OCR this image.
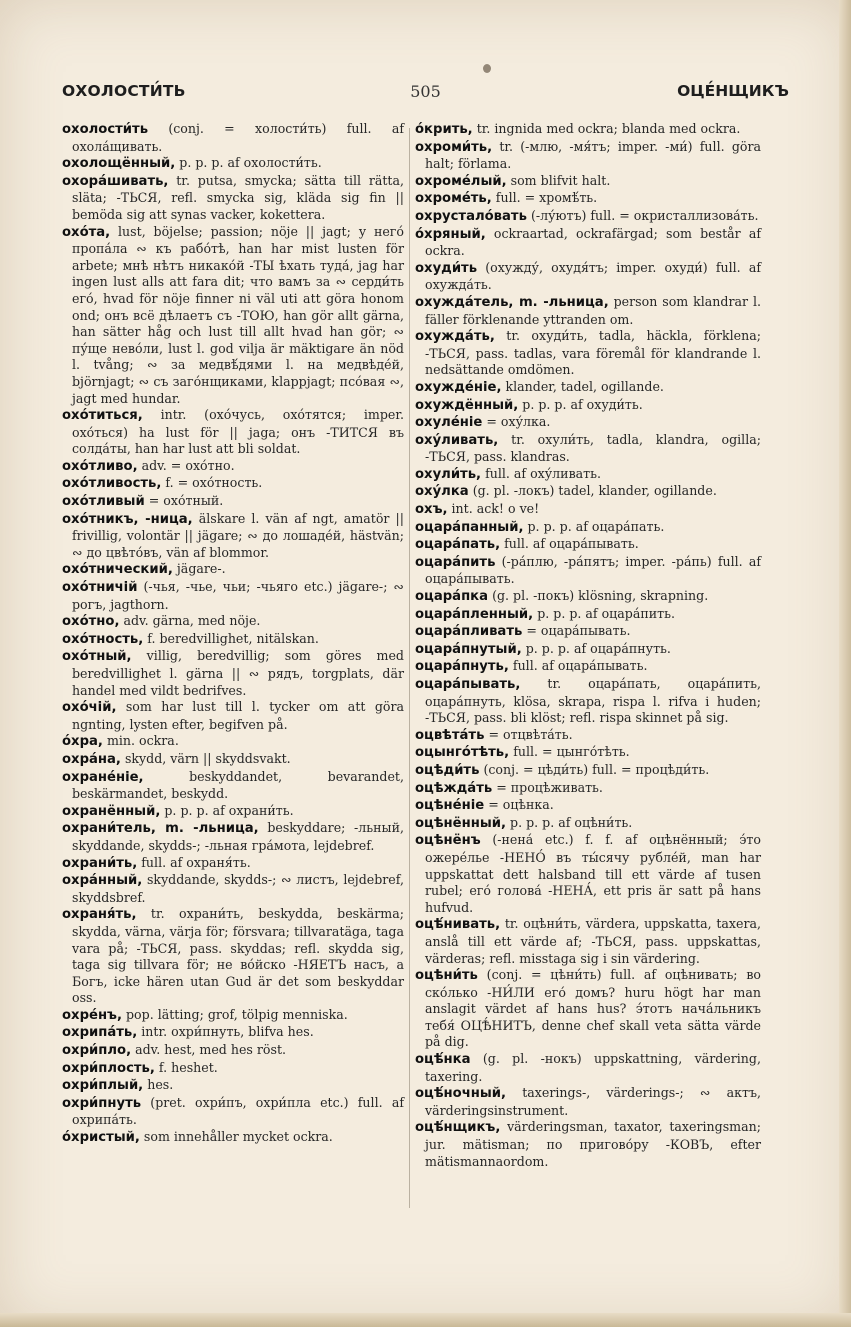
ОХОЛОСТИ́ТЬ	505	ОЦЕ́НЩИКЪ
охолости́ть (conj. = холости́ть) full. af охола́щивать.
охолощённый, p. p. p. af охолости́ть.
охора́шивать, tr. putsa, smycka; sätta till rätta, släta; -ТЬСЯ, refl. smycka sig, kläda sig fin || bemöda sig att synas vacker, kokettera.
охо́та, lust, böjelse; passion; nöje || jagt; у него́ пропа́ла ∾ къ рабо́тѣ, han har mist lusten för arbete; мнѣ нѣтъ никако́й -ТЫ ѣхать туда́, jag har ingen lust alls att fara dit; что вамъ за ∾ серди́ть его́, hvad för nöje finner ni väl uti att göra honom ond; онъ всё дѣлаетъ съ -ТОЮ, han gör allt gärna, han sätter håg och lust till allt hvad han gör; ∾ пу́ще нево́ли, lust l. god vilja är mäktigare än nöd l. tvång; ∾ за медвѣ́дями l. на медвѣде́й, björnjagt; ∾ съ заго́нщиками, klappjagt; псо́вая ∾, jagt med hundar.
охо́титься, intr. (охо́чусь, охо́тятся; imper. охо́ться) ha lust för || jaga; онъ -ТИТСЯ въ солда́ты, han har lust att bli soldat.
охо́тливо, adv. = охо́тно.
охо́тливость, f. = охо́тность.
охо́тливый = охо́тный.
охо́тникъ, -ница, älskare l. vän af ngt, amatör || frivillig, volontär || jägare; ∾ до лошаде́й, hästvän; ∾ до цвѣто́въ, vän af blommor.
охо́тнический, jägare-.
охо́тничій (-чья, -чье, чьи; -чьяго etc.) jägare-; ∾ рогъ, jagthorn.
охо́тно, adv. gärna, med nöje.
охо́тность, f. beredvillighet, nitälskan.
охо́тный, villig, beredvillig; som göres med beredvillighet l. gärna || ∾ рядъ, torgplats, där handel med vildt bedrifves.
охо́чій, som har lust till l. tycker om att göra ngnting, lysten efter, begifven på.
о́хра, min. ockra.
охра́на, skydd, värn || skyddsvakt.
охране́ніе,	beskyddandet, bevarandet, beskärmandet, beskydd.
охранённый, p. p. p. af охрани́ть.
охрани́тель, m. -льница, beskyddare; -льный, skyddande, skydds-; -льная гра́мота, lejdebref.
охрани́ть, full. af охраня́ть.
охра́нный, skyddande, skydds-; ∾ листъ, lejdebref, skyddsbref.
охраня́ть, tr. охрани́ть, beskydda, beskärma; skydda, värna, värja för; försvara; tillvaratäga, taga vara på; -ТЬСЯ, pass. skyddas; refl. skydda sig, taga sig tillvara för; не во́йско -НЯЕТЪ насъ, а Богъ, icke hären utan Gud är det som beskyddar oss.
охре́нъ, pop. lätting; grof, tölpig menniska.
охрипа́ть, intr. охри́пнуть, blifva hes.
охри́пло, adv. hest, med hes röst.
охри́плость, f. heshet.
охри́плый, hes.
охри́пнуть (pret. охри́пъ, охри́пла etc.) full. af охрипа́ть.
о́христый, som innehåller mycket ockra.
о́крить, tr. ingnida med ockra; blanda med ockra.
охроми́ть, tr. (-млю, -мя́тъ; imper. -ми́) full. göra halt; förlama.
охроме́лый, som blifvit halt.
охроме́ть, full. = хромѣ́ть.
охрустало́вать (-лу́ютъ) full. = окристаллизова́ть.
о́хряный, ockraartad, ockrafärgad; som består af ockra.
охуди́ть (охужду́, охудя́тъ; imper. охуди́) full. af охужда́ть.
охужда́тель, m. -льница, person som klandrar l. fäller förklenande yttranden om.
охужда́ть, tr. охуди́ть, tadla, häckla, förklena; -ТЬСЯ, pass. tadlas, vara föremål för klandrande l. nedsättande omdömen.
охужде́ніе, klander, tadel, ogillande.
охуждённый, p. p. p. af охуди́ть.
охуле́ніе = оху́лка.
оху́ливать, tr. охули́ть, tadla, klandra, ogilla; -ТЬСЯ, pass. klandras.
охули́ть, full. af оху́ливать.
оху́лка (g. pl. -локъ) tadel, klander, ogillande.
охъ, int. ack! o ve!
оцара́панный, p. p. p. af оцара́пать.
оцара́пать, full. af оцара́пывать.
оцара́пить (-ра́плю, -ра́пятъ; imper. -ра́пь) full. af оцара́пывать.
оцара́пка (g. pl. -покъ) klösning, skrapning.
оцара́пленный, p. p. p. af оцара́пить.
оцара́пливать = оцара́пывать.
оцара́пнутый, p. p. p. af оцара́пнуть.
оцара́пнуть, full. af оцара́пывать.
оцара́пывать, tr. оцара́пать, оцара́пить, оцара́пнуть, klösa, skrapa, rispa l. rifva i huden; -ТЬСЯ, pass. bli klöst; refl. rispa skinnet på sig.
оцвѣта́ть = отцвѣта́ть.
оцынго́тѣть, full. = цынго́тѣть.
оцѣди́ть (conj. = цѣди́ть) full. = процѣди́ть.
оцѣжда́ть = процѣживать.
оцѣне́ніе = оцѣнка.
оцѣнённый, p. p. p. af оцѣни́ть.
оцѣнёнъ (-нена́ etc.) f. f. af оцѣнённый; э́то ожере́лье -НЕНО́ въ ты́сячу рубле́й, man har uppskattat dett halsband till ett värde af tusen rubel; его́ голова́ -НЕНА́, ett pris är satt på hans hufvud.
оцѣ́нивать, tr. оцѣни́ть, värdera, uppskatta, taxera, anslå till ett värde af; -ТЬСЯ, pass. uppskattas, värderas; refl. misstaga sig i sin värdering.
оцѣни́ть (conj. = цѣни́ть) full. af оцѣнивать; во ско́лько -НИ́ЛИ его́ домъ? huru högt har man anslagit värdet af hans hus? э́тотъ нача́льникъ тебя́ ОЦѢ́НИТЪ, denne chef skall veta sätta värde på dig.
оцѣ́нка (g. pl. -нокъ) uppskattning, värdering, taxering.
оцѣ́ночный, taxerings-, värderings-; ∾ актъ, värderingsinstrument.
оцѣ́нщикъ, värderingsman, taxator, taxeringsman; jur. mätisman; по пригово́ру -КОВЪ, efter mätismannaordom.
